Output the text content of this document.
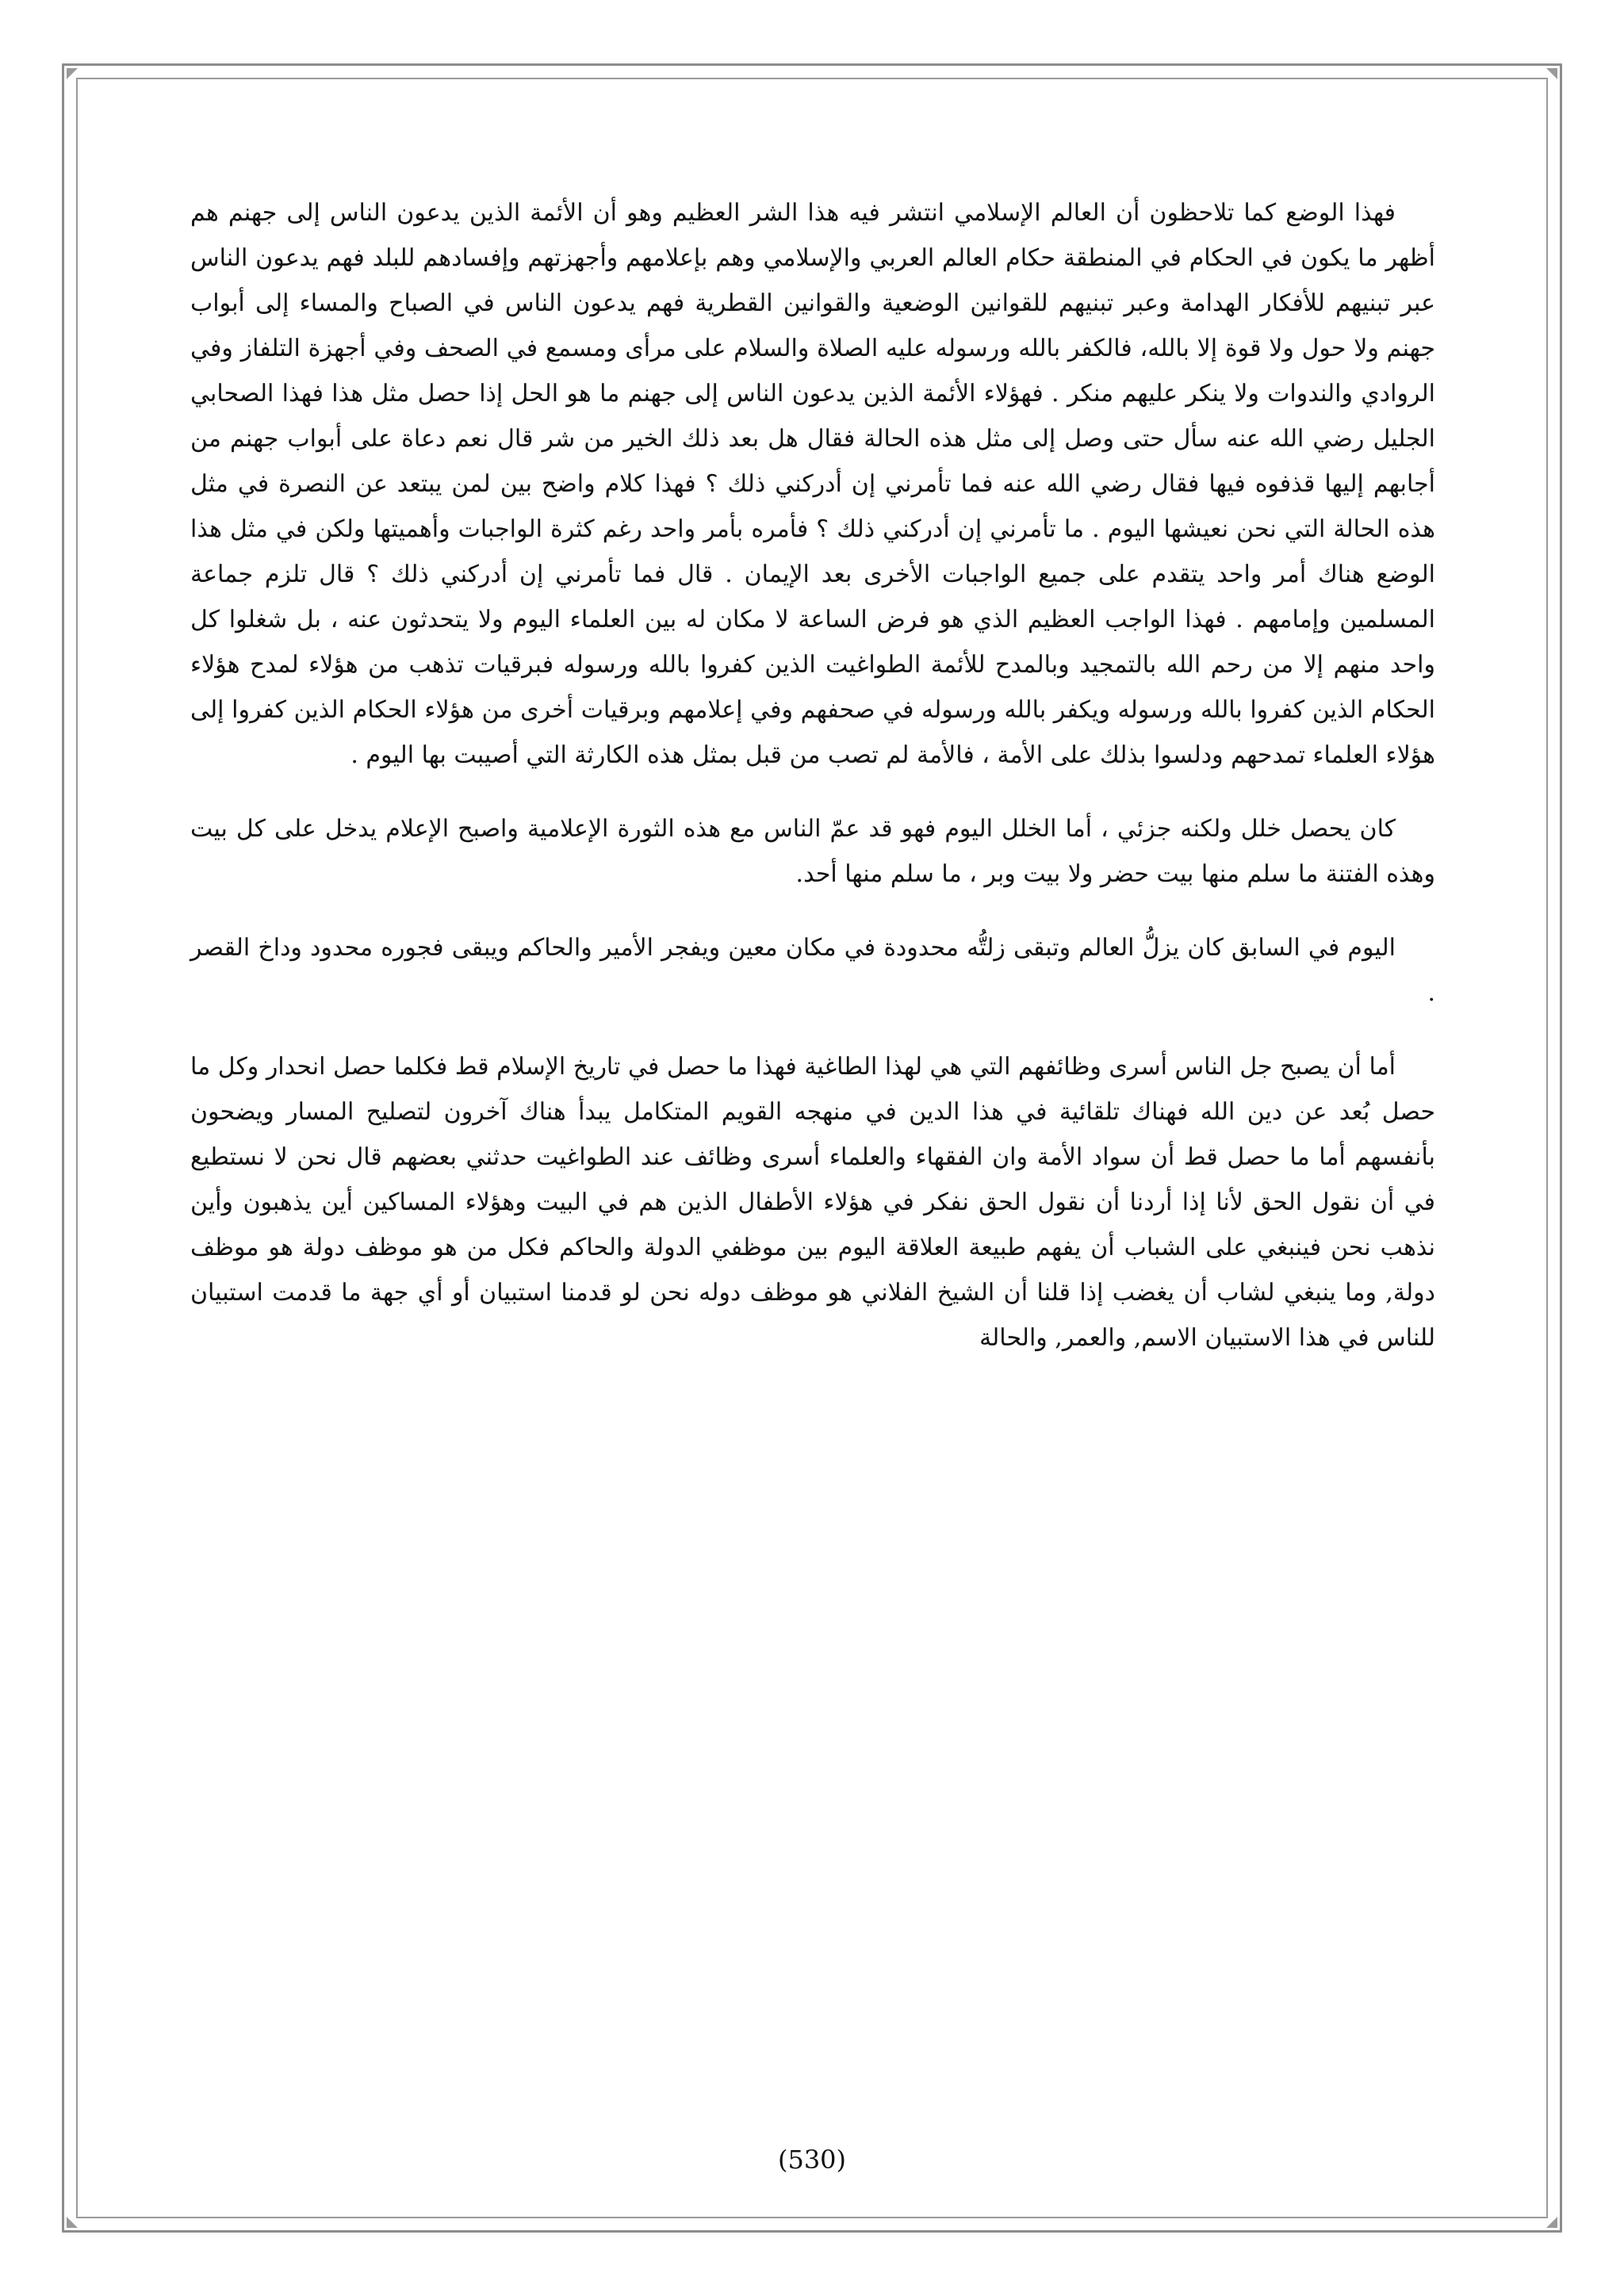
فهذا الوضع كما تلاحظون أن العالم الإسلامي انتشر فيه هذا الشر العظيم وهو أن الأئمة الذين يدعون الناس إلى جهنم هم أظهر ما يكون في الحكام في المنطقة حكام العالم العربي والإسلامي وهم بإعلامهم وأجهزتهم وإفسادهم للبلد فهم يدعون الناس عبر تبنيهم للأفكار الهدامة وعبر تبنيهم للقوانين الوضعية والقوانين القطرية فهم يدعون الناس في الصباح والمساء إلى أبواب جهنم ولا حول ولا قوة إلا بالله، فالكفر بالله ورسوله عليه الصلاة والسلام على مرأى ومسمع في الصحف وفي أجهزة التلفاز وفي الروادي والندوات ولا ينكر عليهم منكر . فهؤلاء الأئمة الذين يدعون الناس إلى جهنم ما هو الحل إذا حصل مثل هذا فهذا الصحابي الجليل رضي الله عنه سأل حتى وصل إلى مثل هذه الحالة فقال هل بعد ذلك الخير من شر قال نعم دعاة على أبواب جهنم من أجابهم إليها قذفوه فيها فقال رضي الله عنه فما تأمرني إن أدركني ذلك ؟ فهذا كلام واضح بين لمن يبتعد عن النصرة في مثل هذه الحالة التي نحن نعيشها اليوم . ما تأمرني إن أدركني ذلك ؟ فأمره بأمر واحد رغم كثرة الواجبات وأهميتها ولكن في مثل هذا الوضع هناك أمر واحد يتقدم على جميع الواجبات الأخرى بعد الإيمان . قال فما تأمرني إن أدركني ذلك ؟ قال تلزم جماعة المسلمين وإمامهم . فهذا الواجب العظيم الذي هو فرض الساعة لا مكان له بين العلماء اليوم ولا يتحدثون عنه ، بل شغلوا كل واحد منهم إلا من رحم الله بالتمجيد وبالمدح للأئمة الطواغيت الذين كفروا بالله ورسوله فبرقيات تذهب من هؤلاء لمدح هؤلاء الحكام الذين كفروا بالله ورسوله ويكفر بالله ورسوله في صحفهم وفي إعلامهم وبرقيات أخرى من هؤلاء الحكام الذين كفروا إلى هؤلاء العلماء تمدحهم ودلسوا بذلك على الأمة ، فالأمة لم تصب من قبل بمثل هذه الكارثة التي أصيبت بها اليوم .

كان يحصل خلل ولكنه جزئي ، أما الخلل اليوم فهو قد عمّ الناس مع هذه الثورة الإعلامية واصبح الإعلام يدخل على كل بيت وهذه الفتنة ما سلم منها بيت حضر ولا بيت وبر ، ما سلم منها أحد.

اليوم في السابق كان يزلُّ العالم وتبقى زلتُّه محدودة في مكان معين ويفجر الأمير والحاكم ويبقى فجوره محدود وداخ القصر .

أما أن يصبح جل الناس أسرى وظائفهم التي هي لهذا الطاغية فهذا ما حصل في تاريخ الإسلام قط فكلما حصل انحدار وكل ما حصل بُعد عن دين الله فهناك تلقائية في هذا الدين في منهجه القويم المتكامل يبدأ هناك آخرون لتصليح المسار ويضحون بأنفسهم أما ما حصل قط أن سواد الأمة وان الفقهاء والعلماء أسرى وظائف عند الطواغيت حدثني بعضهم قال نحن لا نستطيع في أن نقول الحق لأنا إذا أردنا أن نقول الحق نفكر في هؤلاء الأطفال الذين هم في البيت وهؤلاء المساكين أين يذهبون وأين نذهب نحن فينبغي على الشباب أن يفهم طبيعة العلاقة اليوم بين موظفي الدولة والحاكم فكل من هو موظف دولة هو موظف دولة, وما ينبغي لشاب أن يغضب إذا قلنا أن الشيخ الفلاني هو موظف دوله نحن لو قدمنا استبيان أو أي جهة ما قدمت استبيان للناس في هذا الاستبيان الاسم, والعمر, والحالة

(530)
